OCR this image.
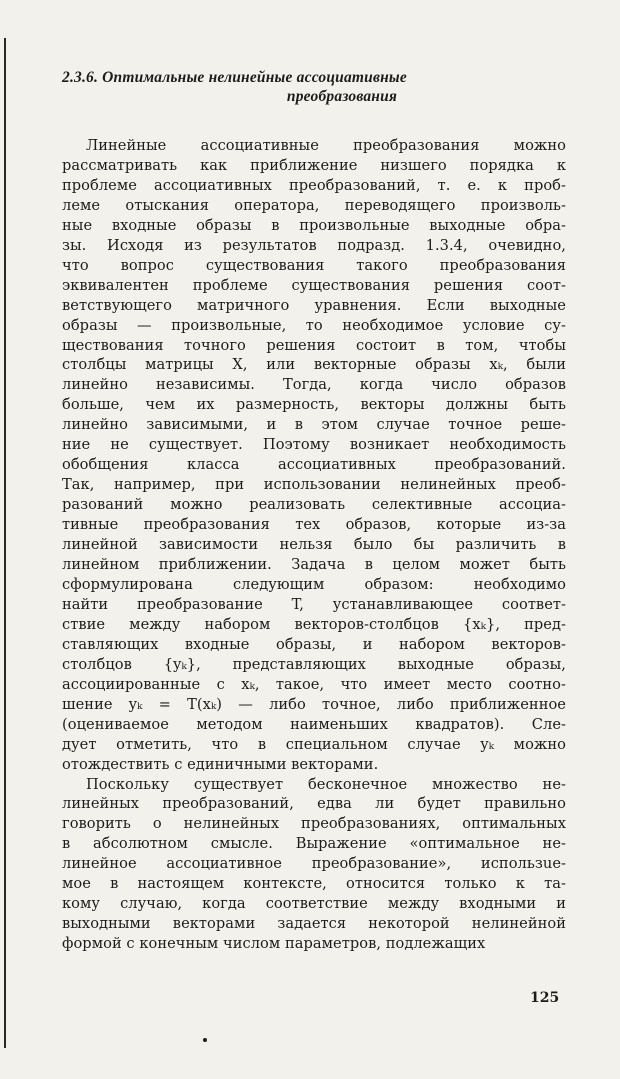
2.3.6. Оптимальные нелинейные ассоциативные
преобразования

Линейные ассоциативные преобразования можно
рассматривать как приближение низшего порядка к
проблеме ассоциативных преобразований, т. е. к проб-
леме отыскания оператора, переводящего произволь-
ные входные образы в произвольные выходные обра-
зы. Исходя из результатов подразд. 1.3.4, очевидно,
что вопрос существования такого преобразования
эквивалентен проблеме существования решения соот-
ветствующего матричного уравнения. Если выходные
образы — произвольные, то необходимое условие су-
ществования точного решения состоит в том, чтобы
столбцы матрицы X, или векторные образы xₖ, были
линейно независимы. Тогда, когда число образов
больше, чем их размерность, векторы должны быть
линейно зависимыми, и в этом случае точное реше-
ние не существует. Поэтому возникает необходимость
обобщения класса ассоциативных преобразований.
Так, например, при использовании нелинейных преоб-
разований можно реализовать селективные ассоциа-
тивные преобразования тех образов, которые из-за
линейной зависимости нельзя было бы различить в
линейном приближении. Задача в целом может быть
сформулирована следующим образом: необходимо
найти преобразование T, устанавливающее соответ-
ствие между набором векторов-столбцов {xₖ}, пред-
ставляющих входные образы, и набором векторов-
столбцов {yₖ}, представляющих выходные образы,
ассоциированные с xₖ, такое, что имеет место соотно-
шение yₖ = T(xₖ) — либо точное, либо приближенное
(оцениваемое методом наименьших квадратов). Сле-
дует отметить, что в специальном случае yₖ можно
отождествить с единичными векторами.

Поскольку существует бесконечное множество не-
линейных преобразований, едва ли будет правильно
говорить о нелинейных преобразованиях, оптимальных
в абсолютном смысле. Выражение «оптимальное не-
линейное ассоциативное преобразование», использue-
мое в настоящем контексте, относится только к та-
кому случаю, когда соответствие между входными и
выходными векторами задается некоторой нелинейной
формой с конечным числом параметров, подлежащих

125
